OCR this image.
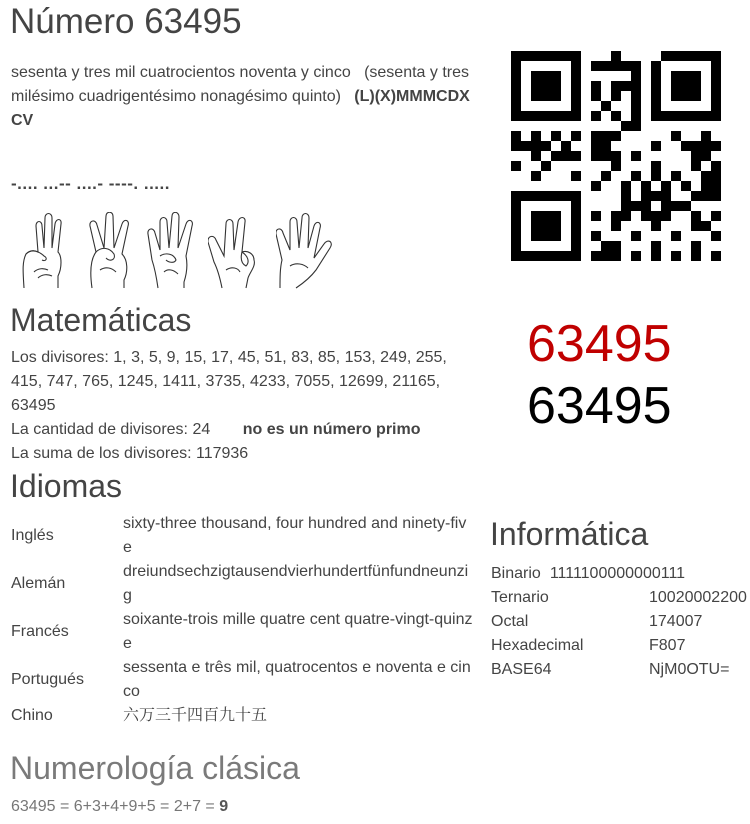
Número 63495
sesenta y tres mil cuatrocientos noventa y cinco (sesenta y tres milésimo cuadrigentésimo nonagésimo quinto) (L)(X)MMMCDX CV
-.... ...-- ....- ----. .....
Matemáticas
Los divisores: 1, 3, 5, 9, 15, 17, 45, 51, 83, 85, 153, 249, 255, 415, 747, 765, 1245, 1411, 3735, 4233, 7055, 12699, 21165, 63495
La cantidad de divisores: 24 no es un número primo
La suma de los divisores: 117936
63495
63495
Idiomas
Inglés	sixty-three thousand, four hundred and ninety-five
Alemán	dreiundsechzigtausendvierhundertfünfundneunzig
Francés	soixante-trois mille quatre cent quatre-vingt-quinze
Portugués	sessenta e três mil, quatrocentos e noventa e cinco
Chino	六万三千四百九十五
Informática
Binario 1111100000000111
Ternario	10020002200
Octal	174007
Hexadecimal	F807
BASE64	NjM0OTU=
Numerología clásica
63495 = 6+3+4+9+5 = 2+7 = 9
